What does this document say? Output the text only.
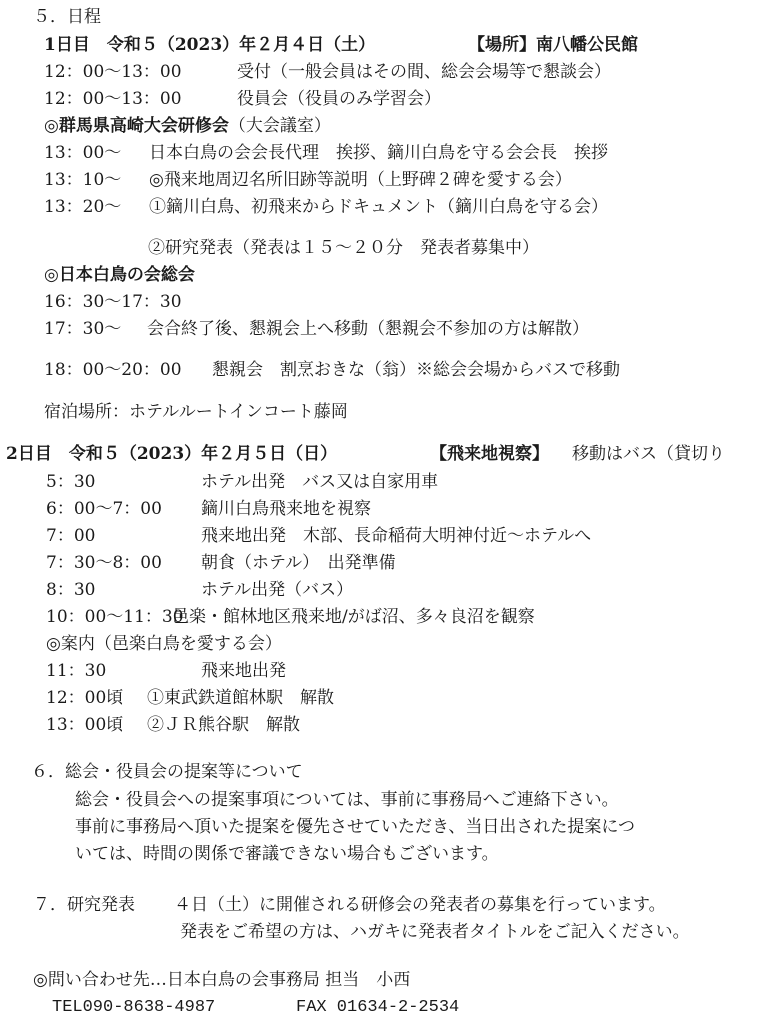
５．日程
1日目　令和５（2023）年２月４日（土）	【場所】南八幡公民館
12：00～13：00	受付（一般会員はその間、総会会場等で懇談会）
12：00～13：00	役員会（役員のみ学習会）
◎群馬県高崎大会研修会（大会議室）
13：00～ 日本白鳥の会会長代理　挨拶、鏑川白鳥を守る会会長　挨拶
13：10～ ◎飛来地周辺名所旧跡等説明（上野碑２碑を愛する会）
13：20～ ①鏑川白鳥、初飛来からドキュメント（鏑川白鳥を守る会）
②研究発表（発表は１５～２０分　発表者募集中）
◎日本白鳥の会総会
16：30～17：30
17：30～ 会合終了後、懇親会上へ移動（懇親会不参加の方は解散）
18：00～20：00 懇親会　割烹おきな（翁）※総会会場からバスで移動
宿泊場所：ホテルルートインコート藤岡
2日目　令和５（2023）年２月５日（日）	【飛来地視察】 移動はバス（貸切り
5：30	ホテル出発　バス又は自家用車
6：00～7：00 鏑川白鳥飛来地を視察
7：00	飛来地出発　木部、長命稲荷大明神付近～ホテルへ
7：30～8：00 朝食（ホテル）　出発準備
8：30	ホテル出発（バス）
10：00～11：30
邑楽・館林地区飛来地/がば沼、多々良沼を観察
◎案内（邑楽白鳥を愛する会）
11：30	飛来地出発
12：00頃 ①東武鉄道館林駅　解散
13：00頃 ②ＪＲ熊谷駅　解散
６．総会・役員会の提案等について
総会・役員会への提案事項については、事前に事務局へご連絡下さい。
事前に事務局へ頂いた提案を優先させていただき、当日出された提案につ
いては、時間の関係で審議できない場合もございます。
７．研究発表 ４日（土）に開催される研修会の発表者の募集を行っています。
発表をご希望の方は、ハガキに発表者タイトルをご記入ください。
◎問い合わせ先…日本白鳥の会事務局 担当　小西
TEL090-8638-4987	FAX 01634-2-2534
